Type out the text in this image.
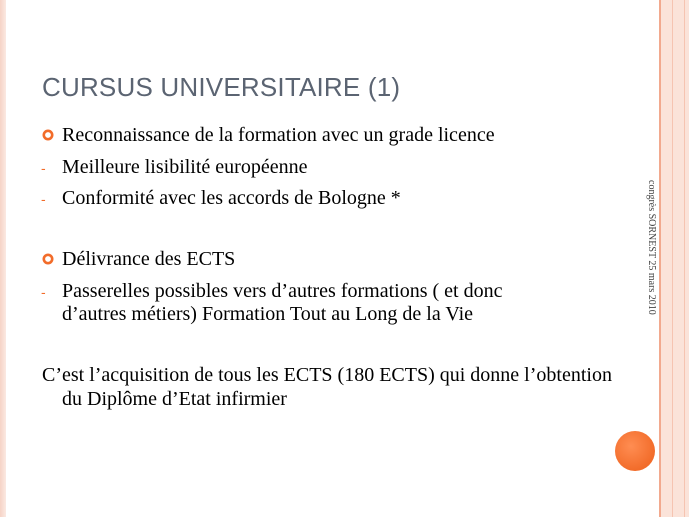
CURSUS UNIVERSITAIRE (1)
Reconnaissance de la formation avec un grade licence
- Meilleure lisibilité européenne
- Conformité avec les accords de Bologne *
Délivrance des ECTS
- Passerelles possibles vers d’autres formations ( et donc
d’autres métiers) Formation Tout au Long de la Vie
C’est l’acquisition de tous les ECTS (180 ECTS) qui donne l’obtention du Diplôme d’Etat infirmier
congrès SORNEST 25 mars 2010
